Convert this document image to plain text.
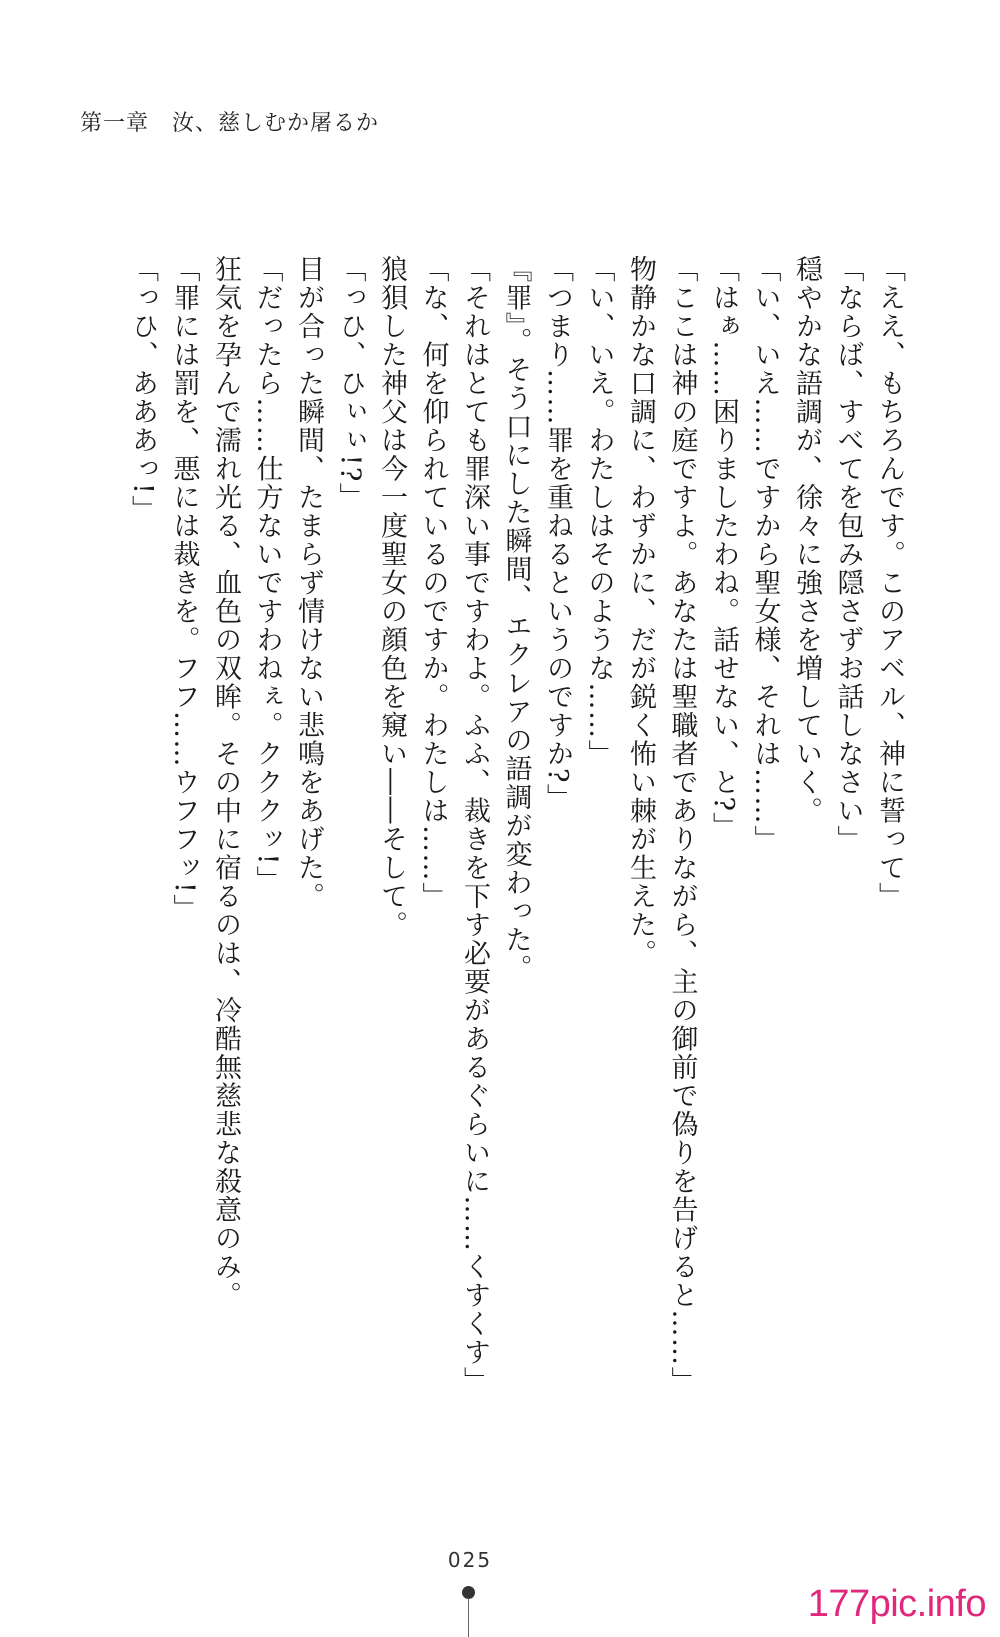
第一章　汝、慈しむか屠るか

「ええ、もちろんです。このアベル、神に誓って」

「ならば、すべてを包み隠さずお話しなさい」

穏やかな語調が、徐々に強さを増していく。

「い、いえ……ですから聖女様、それは……」

「はぁ……困りましたわね。話せない、と?」

「ここは神の庭ですよ。あなたは聖職者でありながら、主の御前で偽りを告げると……」

物静かな口調に、わずかに、だが鋭く怖い棘が生えた。

「い、いえ。わたしはそのような……」

「つまり……罪を重ねるというのですか?」

『罪』。そう口にした瞬間、エクレアの語調が変わった。

「それはとても罪深い事ですわよ。ふふ、裁きを下す必要があるぐらいに……くすくす」

「な、何を仰られているのですか。わたしは……」

狼狽した神父は今一度聖女の顔色を窺い――そして。

「っひ、ひぃぃ!?」

目が合った瞬間、たまらず情けない悲鳴をあげた。

「だったら……仕方ないですわねぇ。クククッ!」

狂気を孕んで濡れ光る、血色の双眸。その中に宿るのは、冷酷無慈悲な殺意のみ。

「罪には罰を、悪には裁きを。フフ……ウフフッ!」

「っひ、あああっ!」

025
177pic.info
